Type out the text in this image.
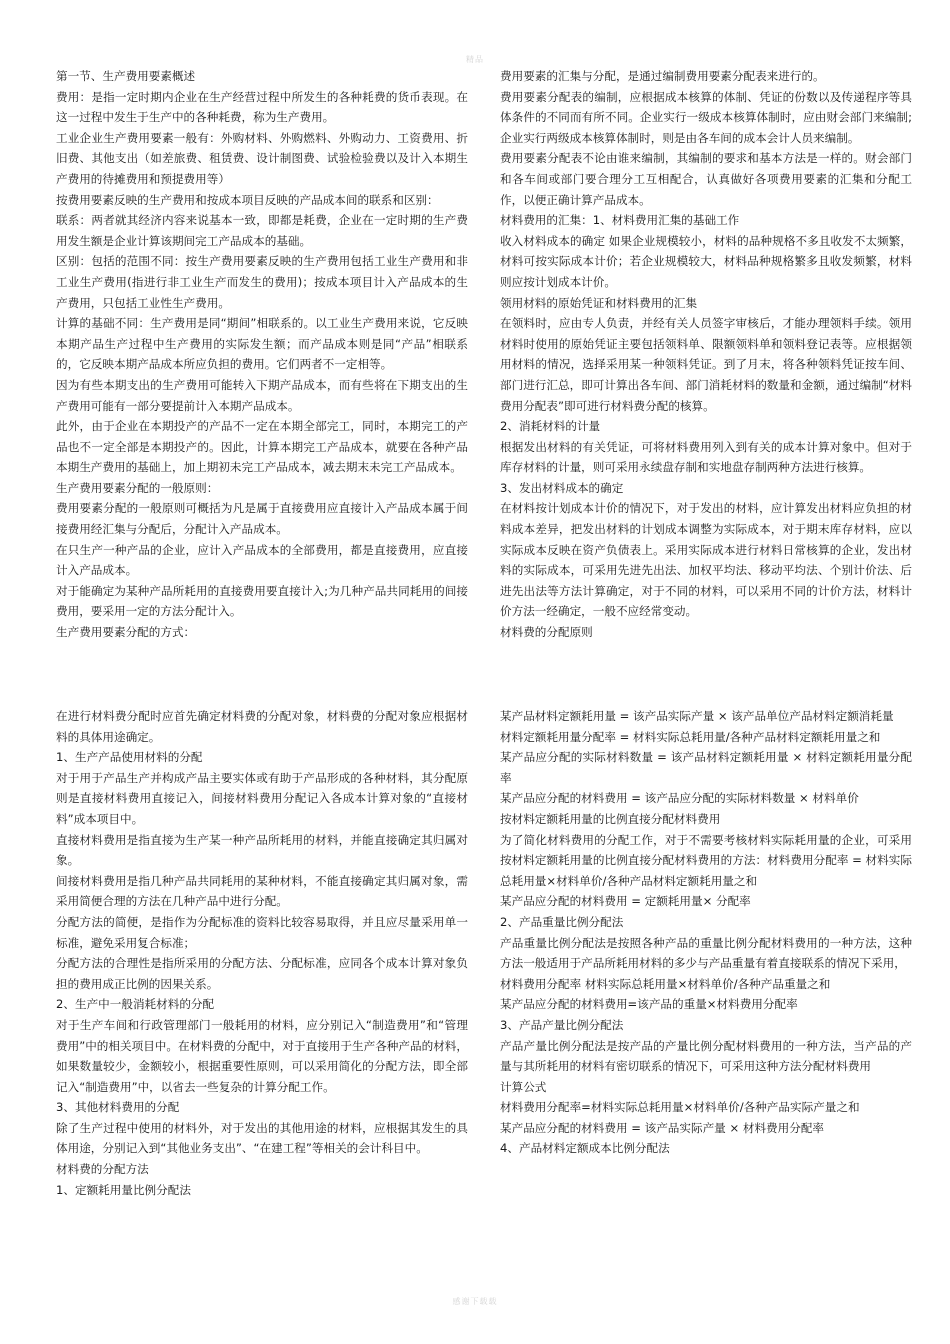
精品

第一节、生产费用要素概述

费用：是指一定时期内企业在生产经营过程中所发生的各种耗费的货币表现。在这一过程中发生于生产中的各种耗费，称为生产费用。

工业企业生产费用要素一般有：外购材料、外购燃料、外购动力、工资费用、折旧费、其他支出（如差旅费、租赁费、设计制图费、试验检验费以及计入本期生产费用的待摊费用和预提费用等）

按费用要素反映的生产费用和按成本项目反映的产品成本间的联系和区别：

联系：两者就其经济内容来说基本一致，即都是耗费，企业在一定时期的生产费用发生额是企业计算该期间完工产品成本的基础。

区别：包括的范围不同：按生产费用要素反映的生产费用包括工业生产费用和非工业生产费用(指进行非工业生产而发生的费用)；按成本项目计入产品成本的生产费用，只包括工业性生产费用。

计算的基础不同：生产费用是同“期间”相联系的。以工业生产费用来说，它反映本期产品生产过程中生产费用的实际发生额；而产品成本则是同“产品”相联系的，它反映本期产品成本所应负担的费用。它们两者不一定相等。

因为有些本期支出的生产费用可能转入下期产品成本，而有些将在下期支出的生产费用可能有一部分要提前计入本期产品成本。

此外，由于企业在本期投产的产品不一定在本期全部完工，同时，本期完工的产品也不一定全部是本期投产的。因此，计算本期完工产品成本，就要在各种产品本期生产费用的基础上，加上期初未完工产品成本，减去期末未完工产品成本。

生产费用要素分配的一般原则：

费用要素分配的一般原则可概括为凡是属于直接费用应直接计入产品成本属于间接费用经汇集与分配后，分配计入产品成本。

在只生产一种产品的企业，应计入产品成本的全部费用，都是直接费用，应直接计入产品成本。

对于能确定为某种产品所耗用的直接费用要直接计入;为几种产品共同耗用的间接费用，要采用一定的方法分配计入。

生产费用要素分配的方式：

费用要素的汇集与分配，是通过编制费用要素分配表来进行的。

费用要素分配表的编制，应根据成本核算的体制、凭证的份数以及传递程序等具体条件的不同而有所不同。企业实行一级成本核算体制时，应由财会部门来编制;企业实行两级成本核算体制时，则是由各车间的成本会计人员来编制。

费用要素分配表不论由谁来编制，其编制的要求和基本方法是一样的。财会部门和各车间或部门要合理分工互相配合，认真做好各项费用要素的汇集和分配工作，以便正确计算产品成本。

材料费用的汇集：1、材料费用汇集的基础工作

收入材料成本的确定 如果企业规模较小，材料的品种规格不多且收发不太频繁，材料可按实际成本计价；若企业规模较大，材料品种规格繁多且收发频繁，材料则应按计划成本计价。

领用材料的原始凭证和材料费用的汇集

在领料时，应由专人负责，并经有关人员签字审核后，才能办理领料手续。领用材料时使用的原始凭证主要包括领料单、限额领料单和领料登记表等。应根据领用材料的情况，选择采用某一种领料凭证。到了月末，将各种领料凭证按车间、部门进行汇总，即可计算出各车间、部门消耗材料的数量和金额，通过编制“材料费用分配表”即可进行材料费分配的核算。

2、消耗材料的计量

根据发出材料的有关凭证，可将材料费用列入到有关的成本计算对象中。但对于库存材料的计量，则可采用永续盘存制和实地盘存制两种方法进行核算。

3、发出材料成本的确定

在材料按计划成本计价的情况下，对于发出的材料，应计算发出材料应负担的材料成本差异，把发出材料的计划成本调整为实际成本，对于期末库存材料，应以实际成本反映在资产负债表上。采用实际成本进行材料日常核算的企业，发出材料的实际成本，可采用先进先出法、加权平均法、移动平均法、个别计价法、后进先出法等方法计算确定，对于不同的材料，可以采用不同的计价方法，材料计价方法一经确定，一般不应经常变动。

材料费的分配原则

在进行材料费分配时应首先确定材料费的分配对象，材料费的分配对象应根据材料的具体用途确定。

1、生产产品使用材料的分配

对于用于产品生产并构成产品主要实体或有助于产品形成的各种材料，其分配原则是直接材料费用直接记入，间接材料费用分配记入各成本计算对象的“直接材料”成本项目中。

直接材料费用是指直接为生产某一种产品所耗用的材料，并能直接确定其归属对象。

间接材料费用是指几种产品共同耗用的某种材料，不能直接确定其归属对象，需采用简便合理的方法在几种产品中进行分配。

分配方法的简便，是指作为分配标准的资料比较容易取得，并且应尽量采用单一标准，避免采用复合标准；

分配方法的合理性是指所采用的分配方法、分配标准，应同各个成本计算对象负担的费用成正比例的因果关系。

2、生产中一般消耗材料的分配

对于生产车间和行政管理部门一般耗用的材料，应分别记入“制造费用”和“管理费用”中的相关项目中。在材料费的分配中，对于直接用于生产各种产品的材料，如果数量较少，金额较小，根据重要性原则，可以采用简化的分配方法，即全部记入“制造费用”中，以省去一些复杂的计算分配工作。

3、其他材料费用的分配

除了生产过程中使用的材料外，对于发出的其他用途的材料，应根据其发生的具体用途，分别记入到“其他业务支出”、“在建工程”等相关的会计科目中。

材料费的分配方法

1、定额耗用量比例分配法

某产品材料定额耗用量 = 该产品实际产量 × 该产品单位产品材料定额消耗量

材料定额耗用量分配率 = 材料实际总耗用量/各种产品材料定额耗用量之和

某产品应分配的实际材料数量 = 该产品材料定额耗用量 × 材料定额耗用量分配率

某产品应分配的材料费用 = 该产品应分配的实际材料数量 × 材料单价

按材料定额耗用量的比例直接分配材料费用

为了简化材料费用的分配工作，对于不需要考核材料实际耗用量的企业，可采用按材料定额耗用量的比例直接分配材料费用的方法：材料费用分配率 = 材料实际总耗用量×材料单价/各种产品材料定额耗用量之和

某产品应分配的材料费用 = 定额耗用量× 分配率

2、产品重量比例分配法

产品重量比例分配法是按照各种产品的重量比例分配材料费用的一种方法，这种方法一般适用于产品所耗用材料的多少与产品重量有着直接联系的情况下采用，

材料费用分配率 材料实际总耗用量×材料单价/各种产品重量之和

某产品应分配的材料费用=该产品的重量×材料费用分配率

3、产品产量比例分配法

产品产量比例分配法是按产品的产量比例分配材料费用的一种方法，当产品的产量与其所耗用的材料有密切联系的情况下，可采用这种方法分配材料费用

计算公式

材料费用分配率=材料实际总耗用量×材料单价/各种产品实际产量之和

某产品应分配的材料费用 = 该产品实际产量 × 材料费用分配率

4、产品材料定额成本比例分配法

感谢下载载
